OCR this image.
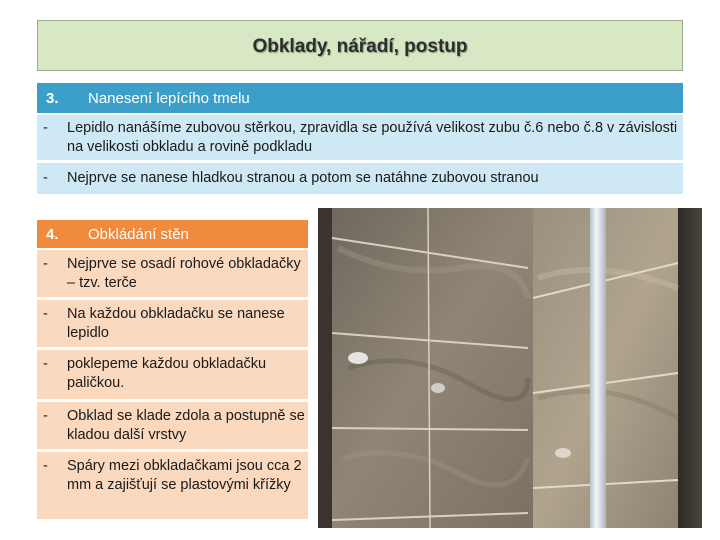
Obklady, nářadí, postup
3.	Nanesení lepícího tmelu
-	Lepidlo nanášíme zubovou stěrkou, zpravidla se používá velikost zubu č.6 nebo č.8 v závislosti na velikosti obkladu a rovině podkladu
-	Nejprve se nanese hladkou stranou a potom se natáhne zubovou stranou
4.	Obkládání stěn
-	Nejprve se osadí rohové obkladačky – tzv. terče
-	Na každou obkladačku se nanese lepidlo
-	poklepeme každou obkladačku paličkou.
-	Obklad se klade zdola a postupně se kladou další vrstvy
-	Spáry mezi obkladačkami jsou cca 2 mm a zajišťují se plastovými křížky
